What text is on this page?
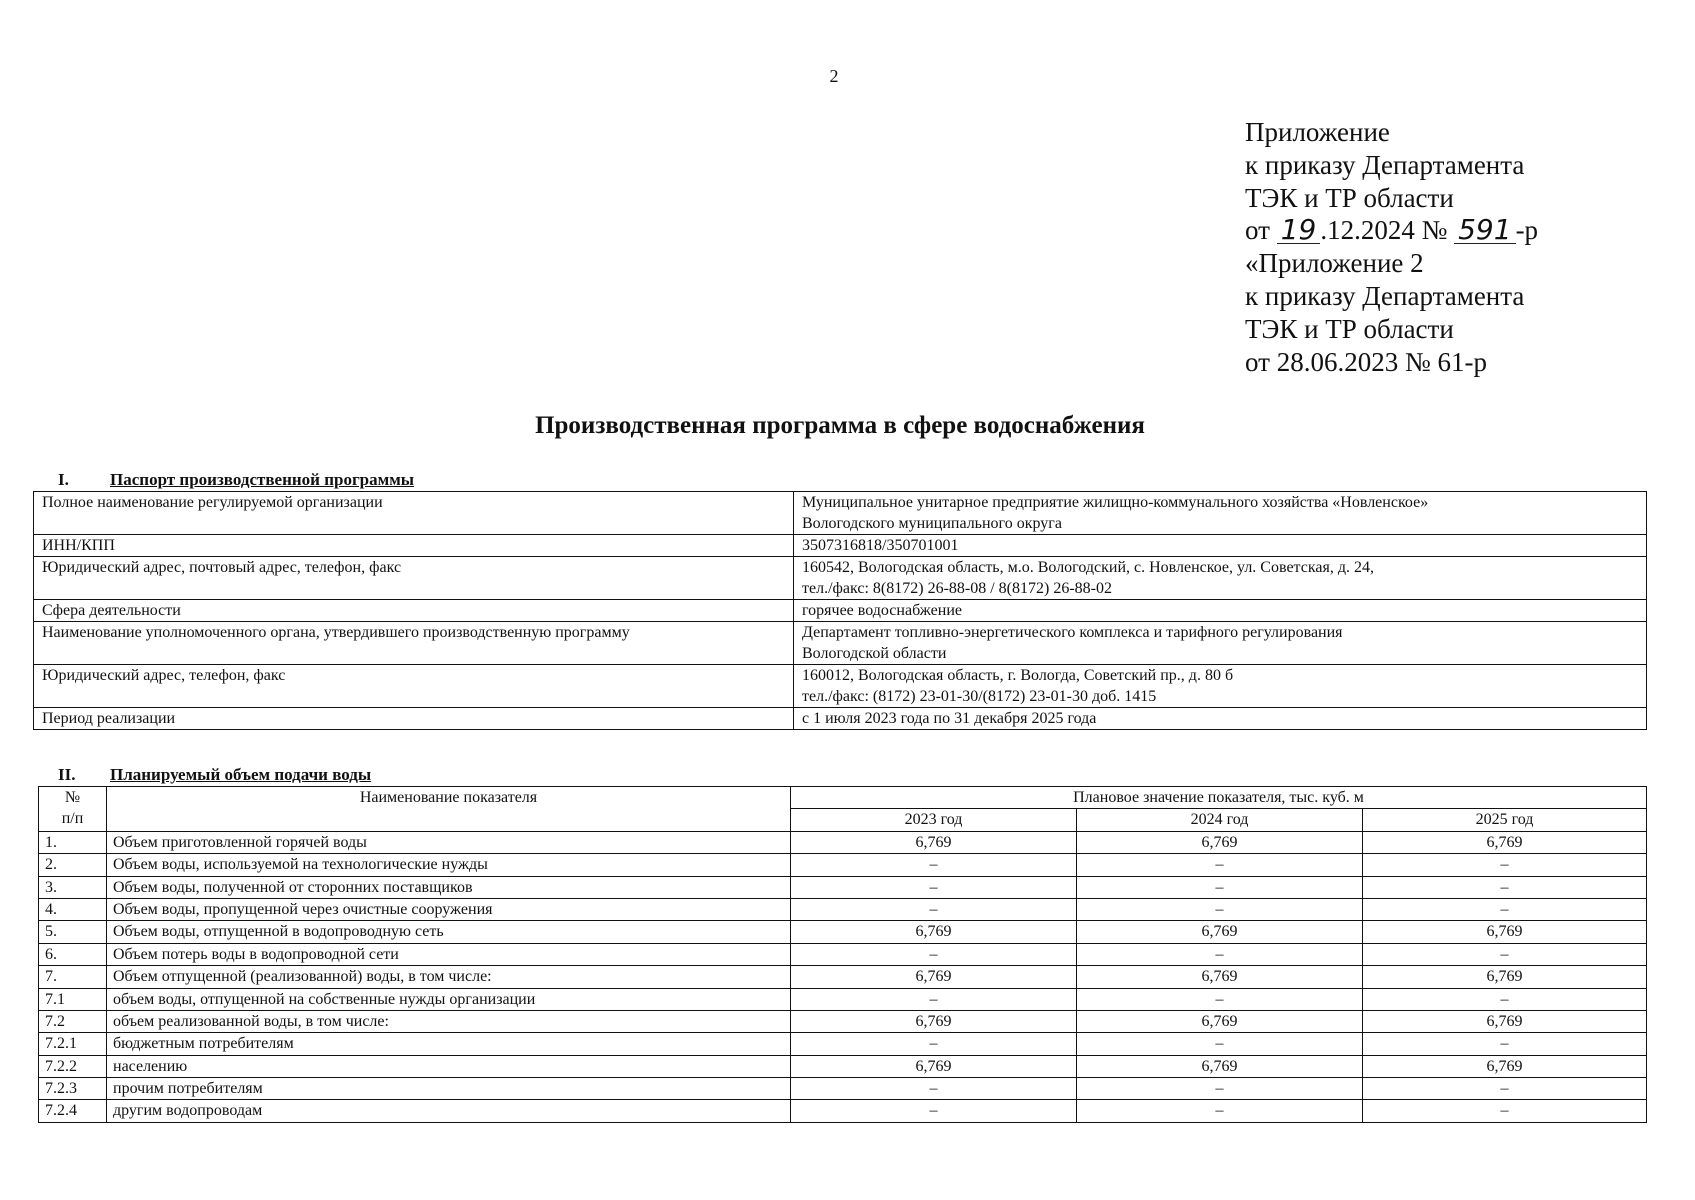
2
Приложение
к приказу Департамента
ТЭК и ТР области
от 19 .12.2024 № 591 -р
«Приложение 2
к приказу Департамента
ТЭК и ТР области
от 28.06.2023 № 61-р
Производственная программа в сфере водоснабжения
I. Паспорт производственной программы
Полное наименование регулируемой организации	Муниципальное унитарное предприятие жилищно-коммунального хозяйства «Новленское»
Вологодского муниципального округа

ИНН/КПП	3507316818/350701001

Юридический адрес, почтовый адрес, телефон, факс	160542, Вологодская область, м.о. Вологодский, с. Новленское, ул. Советская, д. 24,
тел./факс: 8(8172) 26-88-08 / 8(8172) 26-88-02

Сфера деятельности	горячее водоснабжение

Наименование уполномоченного органа, утвердившего производственную программу	Департамент топливно-энергетического комплекса и тарифного регулирования
Вологодской области

Юридический адрес, телефон, факс	160012, Вологодская область, г. Вологда, Советский пр., д. 80 б
тел./факс: (8172) 23-01-30/(8172) 23-01-30 доб. 1415

Период реализации	с 1 июля 2023 года по 31 декабря 2025 года
II. Планируемый объем подачи воды
№
п/п	Наименование показателя	Плановое значение показателя, тыс. куб. м		
		2023 год	2024 год	2025 год
1.	Объем приготовленной горячей воды	6,769	6,769	6,769
2.	Объем воды, используемой на технологические нужды	–	–	–
3.	Объем воды, полученной от сторонних поставщиков	–	–	–
4.	Объем воды, пропущенной через очистные сооружения	–	–	–
5.	Объем воды, отпущенной в водопроводную сеть	6,769	6,769	6,769
6.	Объем потерь воды в водопроводной сети	–	–	–
7.	Объем отпущенной (реализованной) воды, в том числе:	6,769	6,769	6,769
7.1	объем воды, отпущенной на собственные нужды организации	–	–	–
7.2	объем реализованной воды, в том числе:	6,769	6,769	6,769
7.2.1	бюджетным потребителям	–	–	–
7.2.2	населению	6,769	6,769	6,769
7.2.3	прочим потребителям	–	–	–
7.2.4	другим водопроводам	–	–	–
